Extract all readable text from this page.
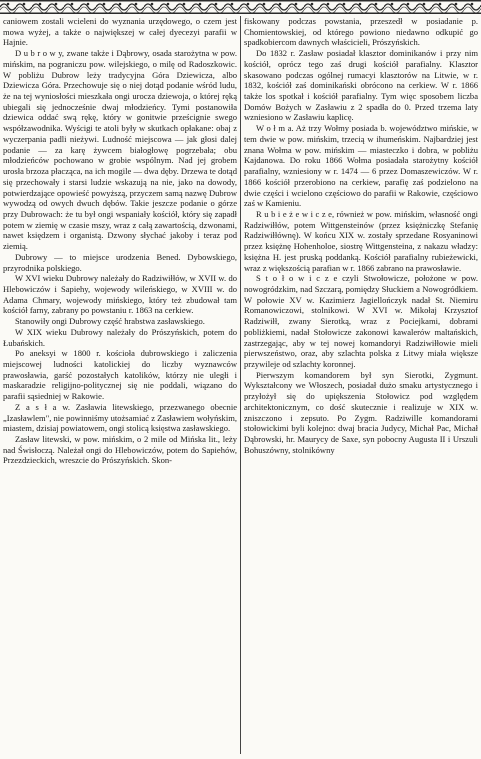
caniowem zostali wcieleni do wyznania urzędowego, o czem jest mowa wyżej, a także o największej w całej dyecezyi parafii w Hajnie.

D u b r o w y, zwane także i Dąbrowy, osada starożytna w pow. mińskim, na pograniczu pow. wilejskiego, o milę od Radoszkowic. W pobliżu Dubrow leży tradycyjna Góra Dziewicza, albo Dziewicza Góra. Przechowuje się o niej dotąd podanie wśród ludu, że na tej wyniosłości mieszkała ongi urocza dziewoja, o której ręką ubiegali się jednocześnie dwaj młodzieńcy. Tymi postanowiła dziewica oddać swą rękę, który w gonitwie prześcignie swego współzawodnika. Wyścigi te atoli były w skutkach opłakane: obaj z wyczerpania padli nieżywi. Ludność miejscowa — jak głosi dalej podanie — za karę żywcem białogłowę pogrzebała; obu młodzieńców pochowano w grobie wspólnym. Nad jej grobem urosła brzoza płacząca, na ich mogile — dwa dęby. Drzewa te dotąd się przechowały i starsi ludzie wskazują na nie, jako na dowody, potwierdzające opowieść powyższą, przyczem samą nazwę Dubrow wywodzą od owych dwuch dębów. Takie jeszcze podanie o górze przy Dubrowach: że tu był ongi wspaniały kościół, który się zapadł potem w ziemię w czasie mszy, wraz z całą zawartością, dzwonami, nawet księdzem i organistą. Dzwony słychać jakoby i teraz pod ziemią.

Dubrowy — to miejsce urodzenia Bened. Dybowskiego, przyrodnika polskiego.

W XVI wieku Dubrowy należały do Radziwiłłów, w XVII w. do Hlebowiczów i Sapiehy, wojewody wileńskiego, w XVIII w. do Adama Chmary, wojewody mińskiego, który też zbudował tam kościół farny, zabrany po powstaniu r. 1863 na cerkiew.

Stanowiły ongi Dubrowy część hrabstwa zasławskiego.

W XIX wieku Dubrowy należały do Prószyńskich, potem do Łubańskich.

Po aneksyi w 1800 r. kościoła dubrowskiego i zaliczenia miejscowej ludności katolickiej do liczby wyznawców prawosławia, garść pozostałych katolików, którzy nie uległi i maskaradzie religijno-politycznej się nie poddali, wiązano do parafii sąsiedniej w Rakowie.

Z a s ł a w. Zasławia litewskiego, przezwanego obecnie „Izasławlem", nie powinniśmy utożsamiać z Zasławiem wołyńskim, miastem, dzisiaj powiatowem, ongi stolicą księstwa zasławskiego.

Zasław litewski, w pow. mińskim, o 2 mile od Mińska lit., leży nad Świsłoczą. Należał ongi do Hlebowiczów, potem do Sapiehów, Przezdzieckich, wreszcie do Prószyńskich. Skon-

fiskowany podczas powstania, przeszedł w posiadanie p. Chomientowskiej, od którego powiono niedawno odkupić go spadkobiercom dawnych właścicieli, Prószyńskich.

Do 1832 r. Zasław posiadał klasztor dominikanów i przy nim kościół, oprócz tego zaś drugi kościół parafialny. Klasztor skasowano podczas ogólnej rumacyi klasztorów na Litwie, w r. 1832, kościół zaś dominikański obrócono na cerkiew. W r. 1866 także los spotkał i kościół parafialny. Tym więc sposobem liczba Domów Bożych w Zasławiu z 2 spadła do 0. Przed trzema laty wzniesiono w Zasławiu kaplicę.

W o ł m a. Aż trzy Wołmy posiada b. województwo mińskie, w tem dwie w pow. mińskim, trzecią w ihumeńskim. Najbardziej jest znana Wołma w pow. mińskim — miasteczko i dobra, w pobliżu Kajdanowa. Do roku 1866 Wołma posiadała starożytny kościół parafialny, wzniesiony w r. 1474 — 6 przez Domaszewiczów. W r. 1866 kościół przerobiono na cerkiew, parafię zaś podzielono na dwie części i wcielono częściowo do parafii w Rakowie, częściowo zaś w Kamieniu.

R u b i e ż e w i c z e, również w pow. mińskim, własność ongi Radziwiłłów, potem Wittgensteinów (przez księżniczkę Stefanię Radziwiłłównę). W końcu XIX w. zostały sprzedane Rosyaninowi przez księżnę Hohenholoe, siostrę Wittgensteina, z nakazu władzy: księżna H. jest pruską poddanką. Kościół parafialny rubieżewicki, wraz z większością parafian w r. 1866 zabrano na prawosławie.

S t o ł o w i c z e czyli Stwołowicze, położone w pow. nowogródzkim, nad Szczarą, pomiędzy Słuckiem a Nowogródkiem. W połowie XV w. Kazimierz Jagiellończyk nadał St. Niemiru Romanowiczowi, stolnikowi. W XVI w. Mikołaj Krzysztof Radziwiłł, zwany Sierotką, wraz z Pociejkami, dobrami pobliżkiemi, nadał Stołowicze zakonowi kawalerów maltańskich, zastrzegając, aby w tej nowej komandoryi Radziwiłłowie mieli pierwszeństwo, oraz, aby szlachta polska z Litwy miała większe przywileje od szlachty koronnej.

Pierwszym komandorem był syn Sierotki, Zygmunt. Wykształcony we Włoszech, posiadał dużo smaku artystycznego i przyłożył się do upiększenia Stołowicz pod względem architektonicznym, co dość skutecznie i realizuje w XIX w. zniszczono i zepsuto. Po Zygm. Radziwille komandorami stołowickimi byli kolejno: dwaj bracia Judycy, Michał Pac, Michał Dąbrowski, hr. Maurycy de Saxe, syn pobocny Augusta II i Urszuli Bohuszówny, stolnikówny
